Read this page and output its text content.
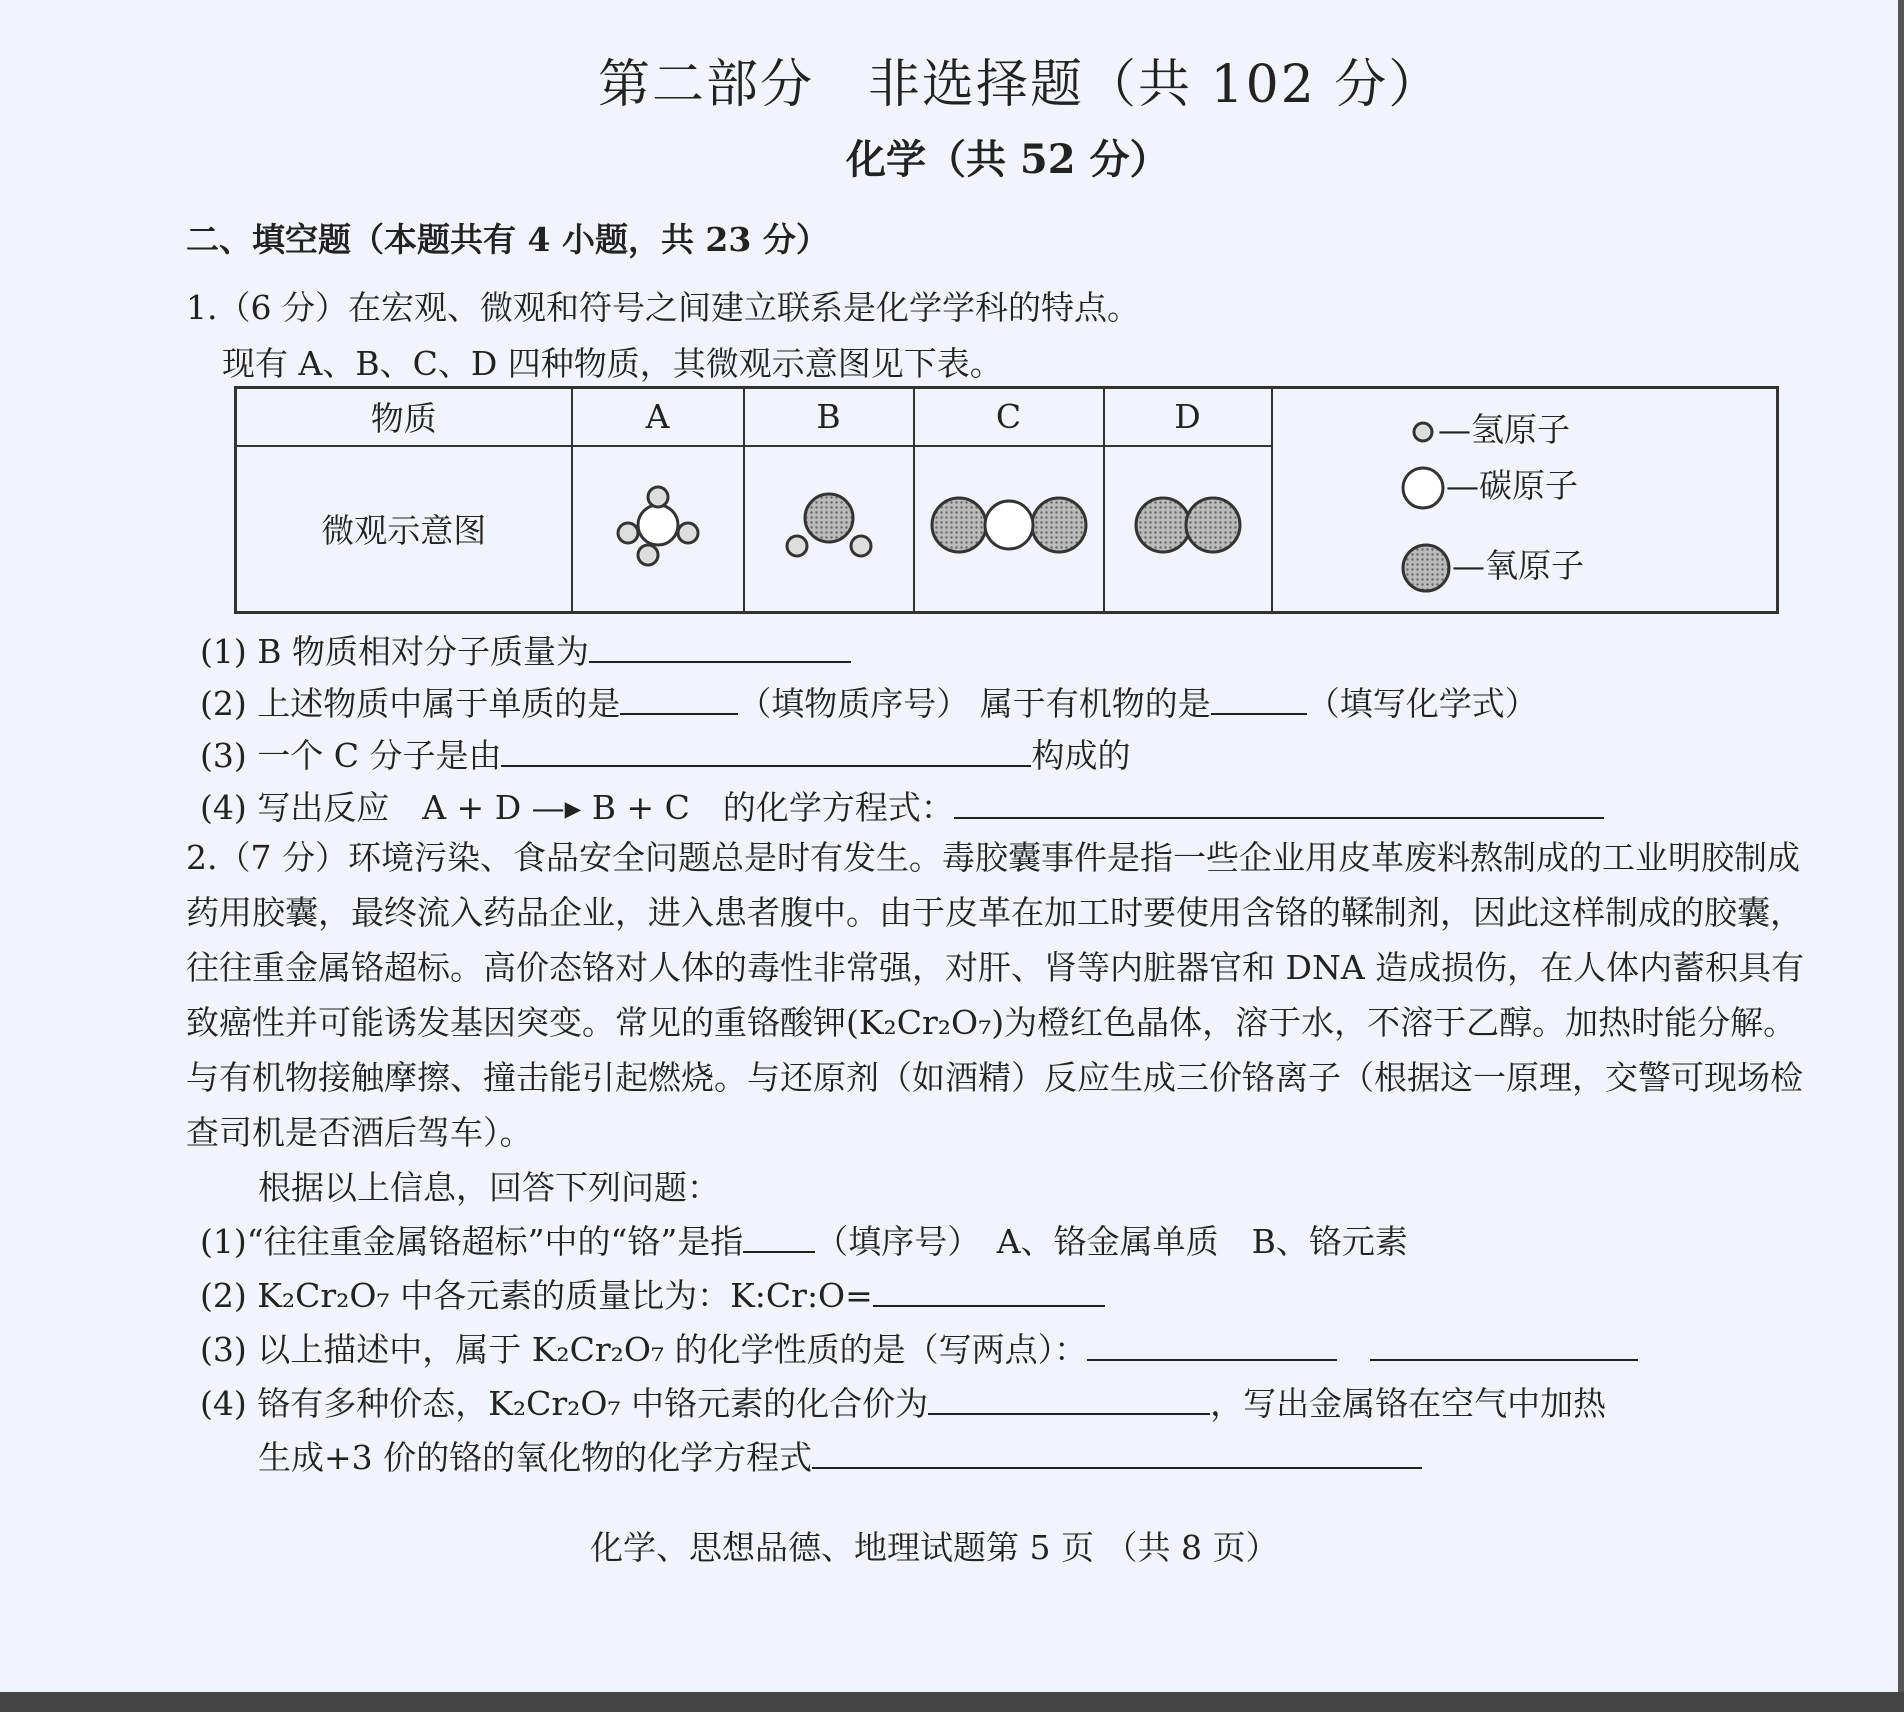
第二部分　非选择题（共 102 分）
化学（共 52 分）
二、填空题（本题共有 4 小题，共 23 分）
1.（6 分）在宏观、微观和符号之间建立联系是化学学科的特点。
现有 A、B、C、D 四种物质，其微观示意图见下表。
物质	A	B	C	D	
微观示意图				
—氢原子
—碳原子
—氧原子
(1) B 物质相对分子质量为
(2) 上述物质中属于单质的是	（填物质序号） 属于有机物的是	（填写化学式）
(3) 一个 C 分子是由	构成的
(4) 写出反应　A + D —▸ B + C　的化学方程式：
2.（7 分）环境污染、食品安全问题总是时有发生。毒胶囊事件是指一些企业用皮革废料熬制成的工业明胶制成药用胶囊，最终流入药品企业，进入患者腹中。由于皮革在加工时要使用含铬的鞣制剂，因此这样制成的胶囊，往往重金属铬超标。高价态铬对人体的毒性非常强，对肝、肾等内脏器官和 DNA 造成损伤，在人体内蓄积具有致癌性并可能诱发基因突变。常见的重铬酸钾(K₂Cr₂O₇)为橙红色晶体，溶于水，不溶于乙醇。加热时能分解。与有机物接触摩擦、撞击能引起燃烧。与还原剂（如酒精）反应生成三价铬离子（根据这一原理，交警可现场检查司机是否酒后驾车）。
根据以上信息，回答下列问题：
(1)“往往重金属铬超标”中的“铬”是指 （填序号）　A、铬金属单质　B、铬元素
(2) K₂Cr₂O₇ 中各元素的质量比为：K:Cr:O=
(3) 以上描述中，属于 K₂Cr₂O₇ 的化学性质的是（写两点）：　
(4) 铬有多种价态，K₂Cr₂O₇ 中铬元素的化合价为	，写出金属铬在空气中加热
生成+3 价的铬的氧化物的化学方程式
化学、思想品德、地理试题第 5 页 （共 8 页）
